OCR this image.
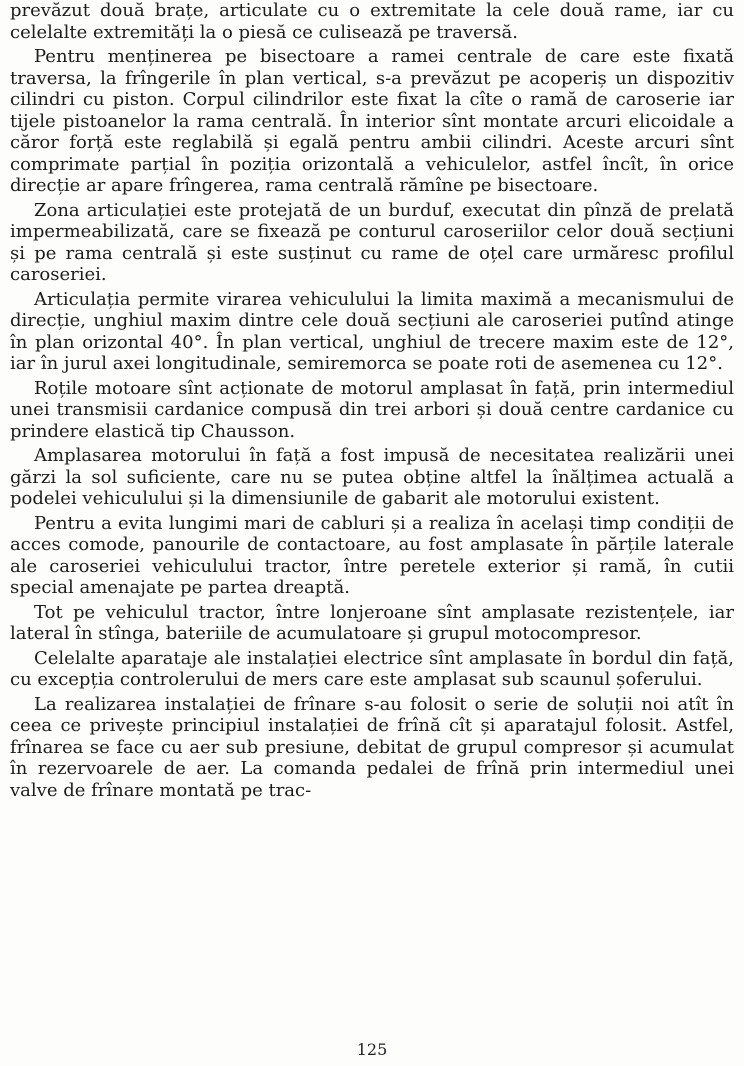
prevăzut două brațe, articulate cu o extremitate la cele două rame, iar cu celelalte extremități la o piesă ce culisează pe traversă.

Pentru menținerea pe bisectoare a ramei centrale de care este fixată traversa, la frîngerile în plan vertical, s-a prevăzut pe acoperiș un dispozitiv cilindri cu piston. Corpul cilindrilor este fixat la cîte o ramă de caroserie iar tijele pistoanelor la rama centrală. În interior sînt montate arcuri elicoidale a căror forță este reglabilă și egală pentru ambii cilindri. Aceste arcuri sînt comprimate parțial în poziția orizontală a vehiculelor, astfel încît, în orice direcție ar apare frîngerea, rama centrală rămîne pe bisectoare.

Zona articulației este protejată de un burduf, executat din pînză de prelată impermeabilizată, care se fixează pe conturul caroseriilor celor două secțiuni și pe rama centrală și este susținut cu rame de oțel care urmăresc profilul caroseriei.

Articulația permite virarea vehiculului la limita maximă a mecanismului de direcție, unghiul maxim dintre cele două secțiuni ale caroseriei putînd atinge în plan orizontal 40°. În plan vertical, unghiul de trecere maxim este de 12°, iar în jurul axei longitudinale, semiremorca se poate roti de asemenea cu 12°.

Roțile motoare sînt acționate de motorul amplasat în față, prin intermediul unei transmisii cardanice compusă din trei arbori și două centre cardanice cu prindere elastică tip Chausson.

Amplasarea motorului în față a fost impusă de necesitatea realizării unei gărzi la sol suficiente, care nu se putea obține altfel la înălțimea actuală a podelei vehiculului și la dimensiunile de gabarit ale motorului existent.

Pentru a evita lungimi mari de cabluri și a realiza în același timp condiții de acces comode, panourile de contactoare, au fost amplasate în părțile laterale ale caroseriei vehiculului tractor, între peretele exterior și ramă, în cutii special amenajate pe partea dreaptă.

Tot pe vehiculul tractor, între lonjeroane sînt amplasate rezistențele, iar lateral în stînga, bateriile de acumulatoare și grupul motocompresor.

Celelalte aparataje ale instalației electrice sînt amplasate în bordul din față, cu excepția controlerului de mers care este amplasat sub scaunul șoferului.

La realizarea instalației de frînare s-au folosit o serie de soluții noi atît în ceea ce privește principiul instalației de frînă cît și aparatajul folosit. Astfel, frînarea se face cu aer sub presiune, debitat de grupul compresor și acumulat în rezervoarele de aer. La comanda pedalei de frînă prin intermediul unei valve de frînare montată pe trac-

125
